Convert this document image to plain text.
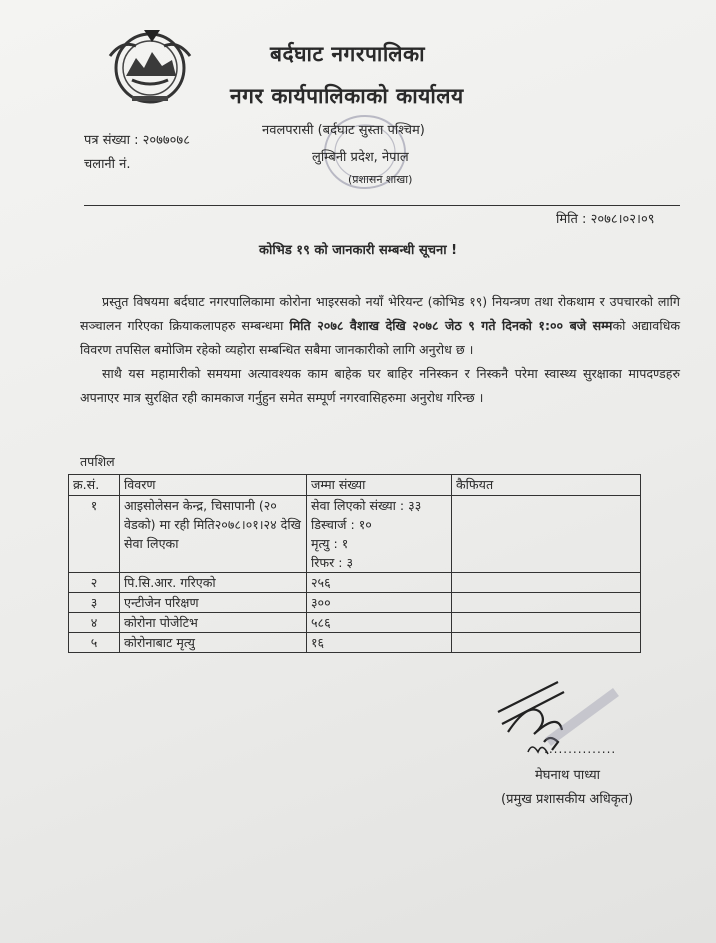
बर्दघाट नगरपालिका
नगर कार्यपालिकाको कार्यालय
नवलपरासी (बर्दघाट सुस्ता पश्चिम)
लुम्बिनी प्रदेश, नेपाल
(प्रशासन शाखा)
पत्र संख्या : २०७७०७८
चलानी नं.
मिति : २०७८।०२।०९
कोभिड १९ को जानकारी सम्बन्धी सूचना !

प्रस्तुत विषयमा बर्दघाट नगरपालिकामा कोरोना भाइरसको नयाँ भेरियन्ट (कोभिड १९) नियन्त्रण तथा रोकथाम र उपचारको लागि सञ्चालन गरिएका क्रियाकलापहरु सम्बन्धमा मिति २०७८ वैशाख देखि २०७८ जेठ ९ गते दिनको १:०० बजे सम्मको अद्यावधिक विवरण तपसिल बमोजिम रहेको व्यहोरा सम्बन्धित सबैमा जानकारीको लागि अनुरोध छ ।

साथै यस महामारीको समयमा अत्यावश्यक काम बाहेक घर बाहिर ननिस्कन र निस्कनै परेमा स्वास्थ्य सुरक्षाका मापदण्डहरु अपनाएर मात्र सुरक्षित रही कामकाज गर्नुहुन समेत सम्पूर्ण नगरवासिहरुमा अनुरोध गरिन्छ ।

तपशिल
क्र.सं.	विवरण	जम्मा संख्या	कैफियत
१	आइसोलेसन केन्द्र, चिसापानी (२० वेडको) मा रही मिति२०७८।०१।२४ देखि सेवा लिएका	सेवा लिएको संख्या : ३३
डिस्चार्ज : १०
मृत्यु : १
रिफर : ३	

२	पि.सि.आर. गरिएको	२५६	
३	एन्टीजेन परिक्षण	३००	
४	कोरोना पोजेटिभ	५८६	
५	कोरोनाबाट मृत्यु	१६	
...............
मेघनाथ पाध्या
(प्रमुख प्रशासकीय अधिकृत)
